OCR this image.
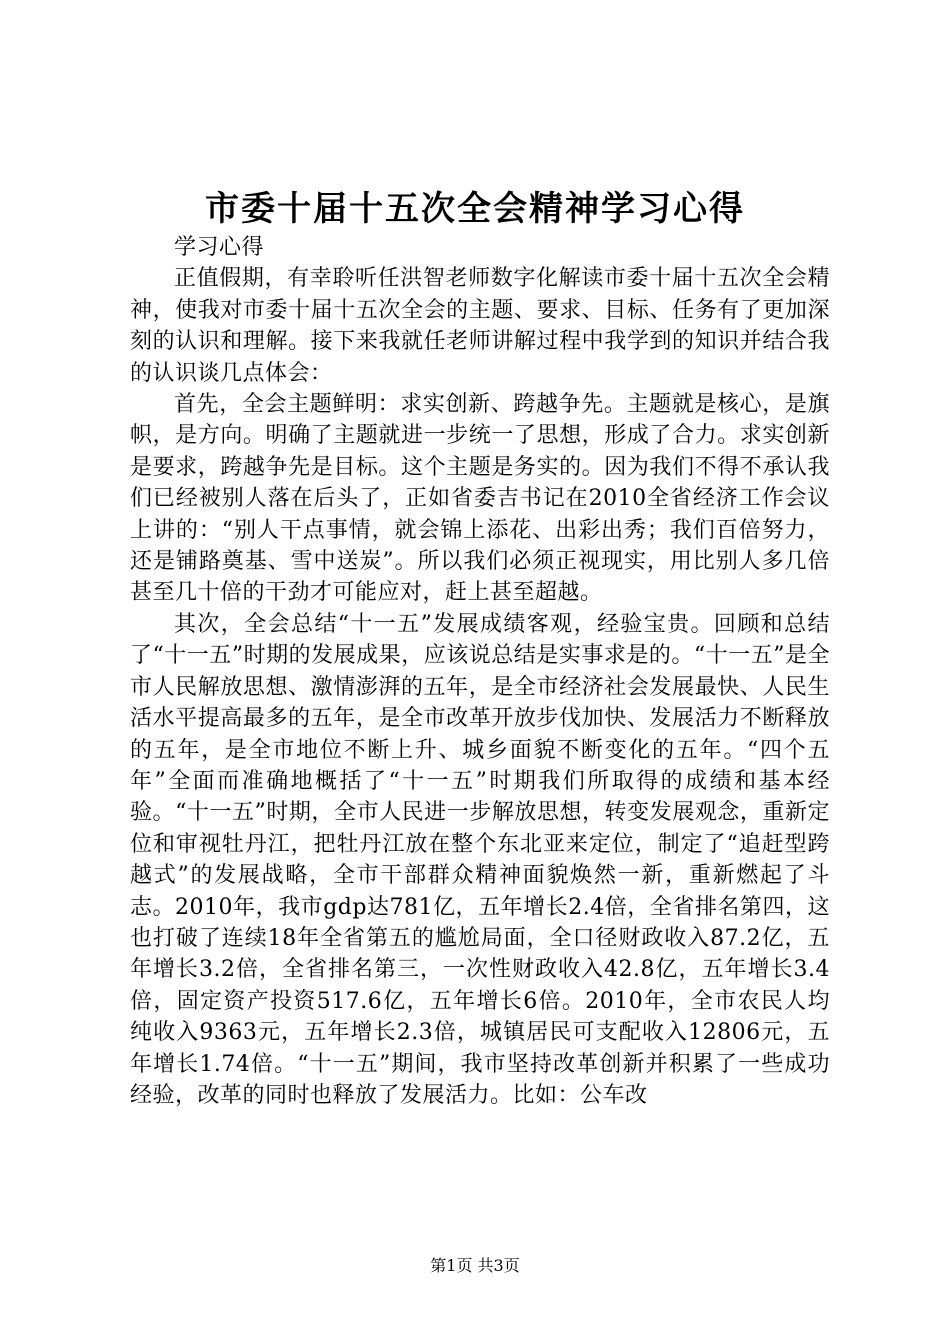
市委十届十五次全会精神学习心得

学习心得

正值假期，有幸聆听任洪智老师数字化解读市委十届十五次全会精神，使我对市委十届十五次全会的主题、要求、目标、任务有了更加深刻的认识和理解。接下来我就任老师讲解过程中我学到的知识并结合我的认识谈几点体会：

首先，全会主题鲜明：求实创新、跨越争先。主题就是核心，是旗帜，是方向。明确了主题就进一步统一了思想，形成了合力。求实创新是要求，跨越争先是目标。这个主题是务实的。因为我们不得不承认我们已经被别人落在后头了，正如省委吉书记在2010全省经济工作会议上讲的：“别人干点事情，就会锦上添花、出彩出秀；我们百倍努力，还是铺路奠基、雪中送炭”。所以我们必须正视现实，用比别人多几倍甚至几十倍的干劲才可能应对，赶上甚至超越。

其次，全会总结“十一五”发展成绩客观，经验宝贵。回顾和总结了“十一五”时期的发展成果，应该说总结是实事求是的。“十一五”是全市人民解放思想、激情澎湃的五年，是全市经济社会发展最快、人民生活水平提高最多的五年，是全市改革开放步伐加快、发展活力不断释放的五年，是全市地位不断上升、城乡面貌不断变化的五年。“四个五年”全面而准确地概括了“十一五”时期我们所取得的成绩和基本经验。“十一五”时期，全市人民进一步解放思想，转变发展观念，重新定位和审视牡丹江，把牡丹江放在整个东北亚来定位，制定了“追赶型跨越式”的发展战略，全市干部群众精神面貌焕然一新，重新燃起了斗志。2010年，我市gdp达781亿，五年增长2.4倍，全省排名第四，这也打破了连续18年全省第五的尴尬局面，全口径财政收入87.2亿，五年增长3.2倍，全省排名第三，一次性财政收入42.8亿，五年增长3.4倍，固定资产投资517.6亿，五年增长6倍。2010年，全市农民人均纯收入9363元，五年增长2.3倍，城镇居民可支配收入12806元，五年增长1.74倍。“十一五”期间，我市坚持改革创新并积累了一些成功经验，改革的同时也释放了发展活力。比如：公车改

第1页 共3页
